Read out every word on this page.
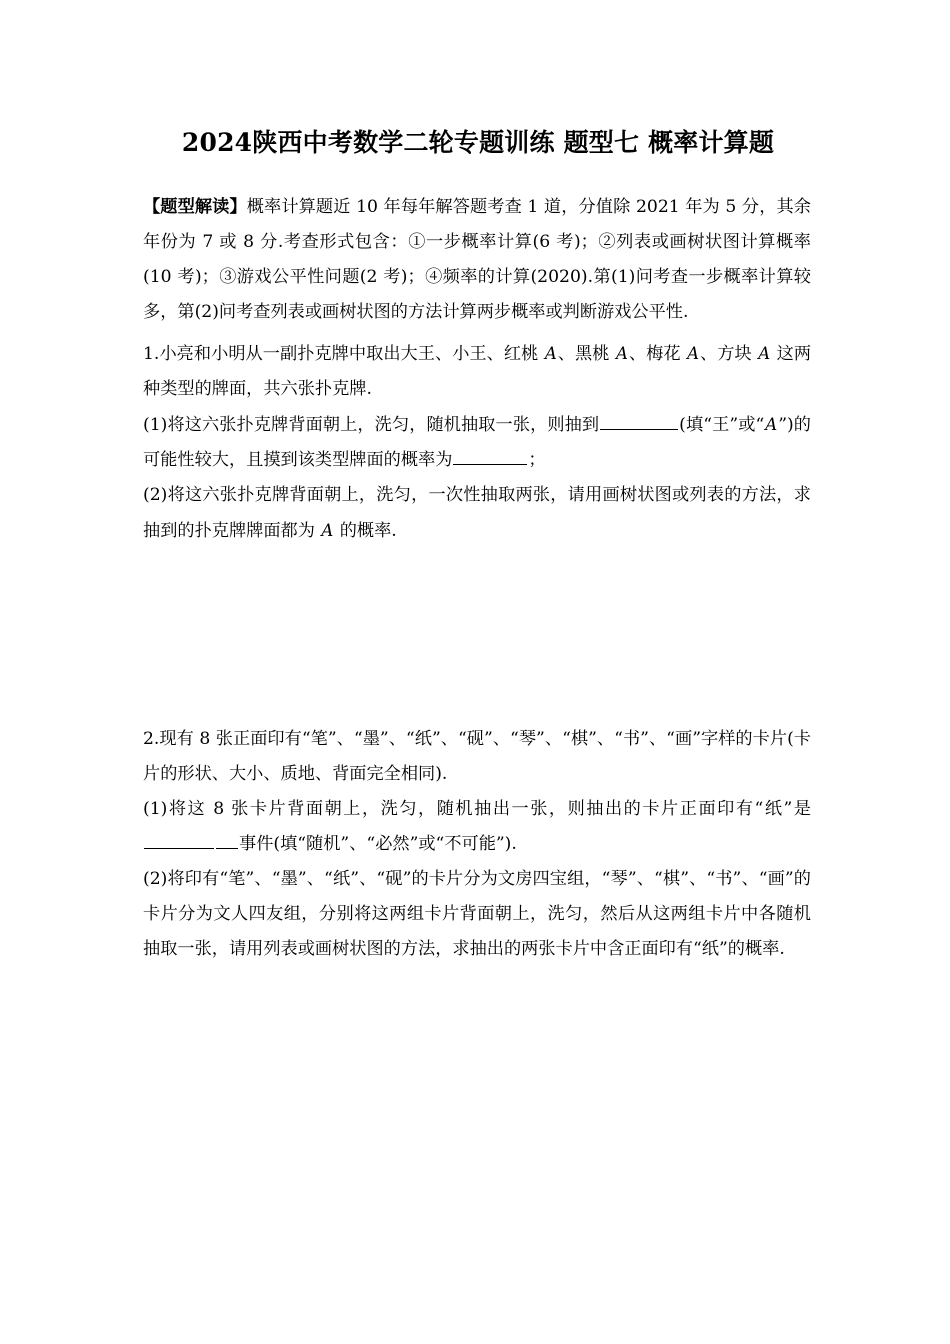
2024陕西中考数学二轮专题训练 题型七 概率计算题

【题型解读】概率计算题近 10 年每年解答题考查 1 道，分值除 2021 年为 5 分，其余年份为 7 或 8 分.考查形式包含：①一步概率计算(6 考)；②列表或画树状图计算概率(10 考)；③游戏公平性问题(2 考)；④频率的计算(2020).第(1)问考查一步概率计算较多，第(2)问考查列表或画树状图的方法计算两步概率或判断游戏公平性.

1.小亮和小明从一副扑克牌中取出大王、小王、红桃 A、黑桃 A、梅花 A、方块 A 这两种类型的牌面，共六张扑克牌.

(1)将这六张扑克牌背面朝上，洗匀，随机抽取一张，则抽到	(填“王”或“A”)的可能性较大，且摸到该类型牌面的概率为	；

(2)将这六张扑克牌背面朝上，洗匀，一次性抽取两张，请用画树状图或列表的方法，求抽到的扑克牌牌面都为 A 的概率.

2.现有 8 张正面印有“笔”、“墨”、“纸”、“砚”、“琴”、“棋”、“书”、“画”字样的卡片(卡片的形状、大小、质地、背面完全相同).

(1)将这 8 张卡片背面朝上，洗匀，随机抽出一张，则抽出的卡片正面印有“纸”是事件(填“随机”、“必然”或“不可能”).

(2)将印有“笔”、“墨”、“纸”、“砚”的卡片分为文房四宝组，“琴”、“棋”、“书”、“画”的卡片分为文人四友组，分别将这两组卡片背面朝上，洗匀，然后从这两组卡片中各随机抽取一张，请用列表或画树状图的方法，求抽出的两张卡片中含正面印有“纸”的概率.
